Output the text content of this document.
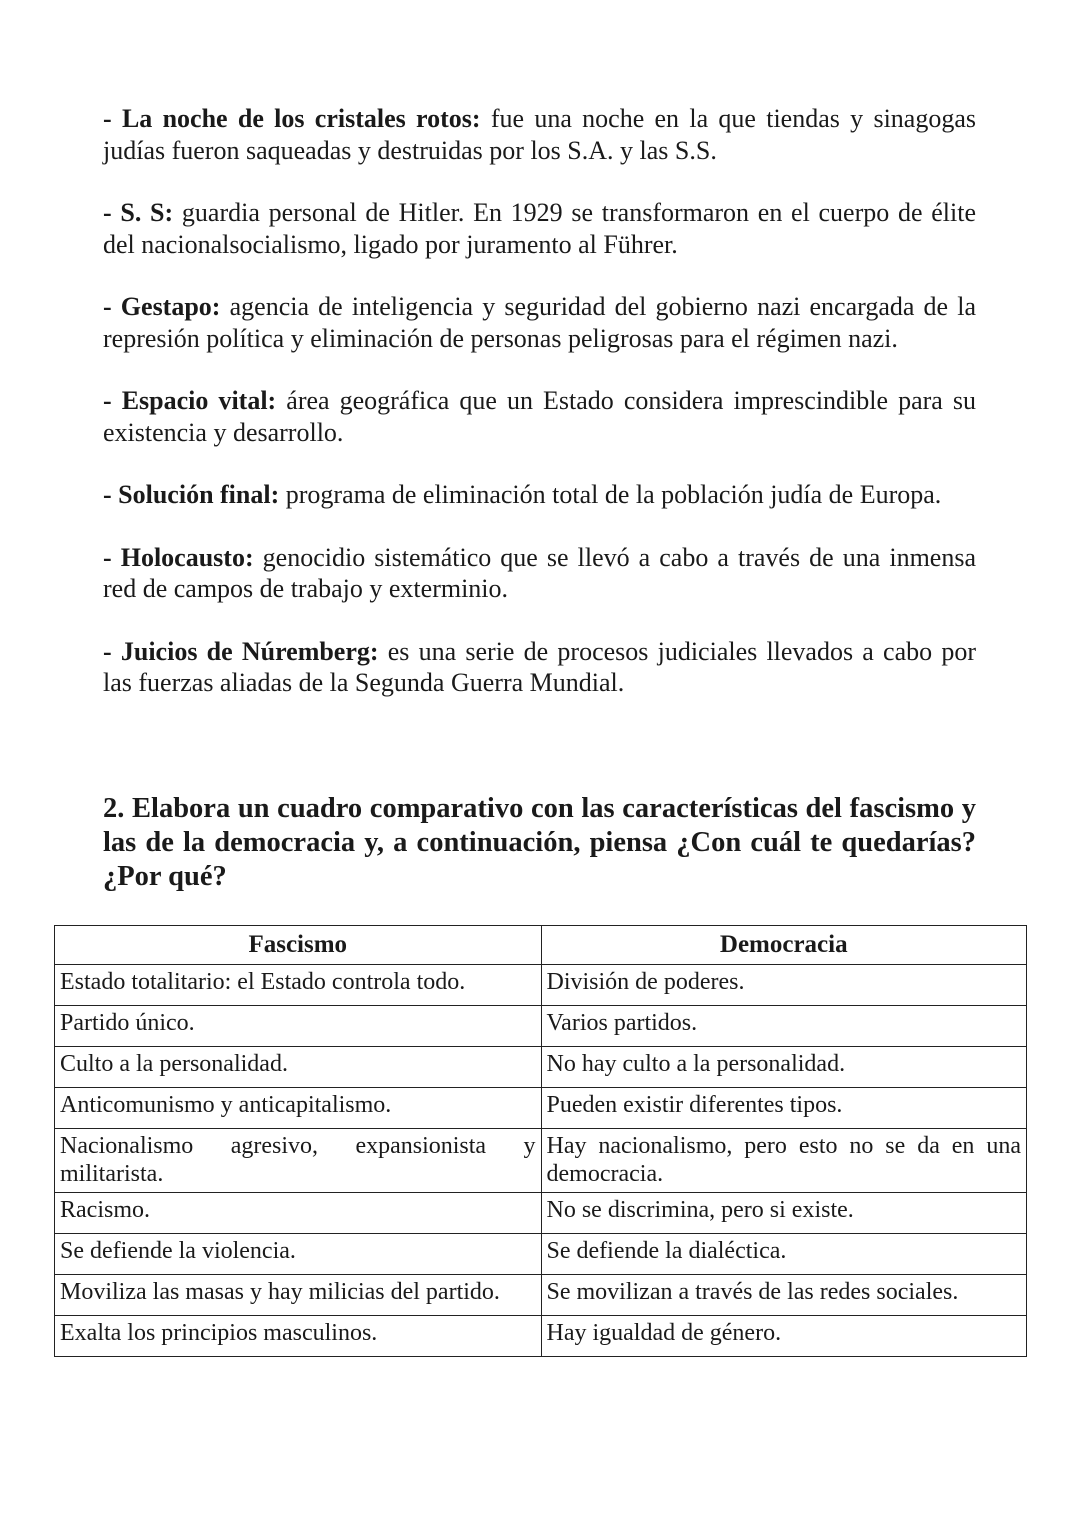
- La noche de los cristales rotos: fue una noche en la que tiendas y sinagogas judías fueron saqueadas y destruidas por los S.A. y las S.S.

- S. S: guardia personal de Hitler. En 1929 se transformaron en el cuerpo de élite del nacionalsocialismo, ligado por juramento al Führer.

- Gestapo: agencia de inteligencia y seguridad del gobierno nazi encargada de la represión política y eliminación de personas peligrosas para el régimen nazi.

- Espacio vital: área geográfica que un Estado considera imprescindible para su existencia y desarrollo.

- Solución final: programa de eliminación total de la población judía de Europa.

- Holocausto: genocidio sistemático que se llevó a cabo a través de una inmensa red de campos de trabajo y exterminio.

- Juicios de Núremberg: es una serie de procesos judiciales llevados a cabo por las fuerzas aliadas de la Segunda Guerra Mundial.

2. Elabora un cuadro comparativo con las características del fascismo y las de la democracia y, a continuación, piensa ¿Con cuál te quedarías? ¿Por qué?

Fascismo	Democracia
Estado totalitario: el Estado controla todo.	División de poderes.
Partido único.	Varios partidos.
Culto a la personalidad.	No hay culto a la personalidad.
Anticomunismo y anticapitalismo.	Pueden existir diferentes tipos.
Nacionalismo agresivo, expansionista y militarista.	Hay nacionalismo, pero esto no se da en una democracia.
Racismo.	No se discrimina, pero si existe.
Se defiende la violencia.	Se defiende la dialéctica.
Moviliza las masas y hay milicias del partido.	Se movilizan a través de las redes sociales.
Exalta los principios masculinos.	Hay igualdad de género.
